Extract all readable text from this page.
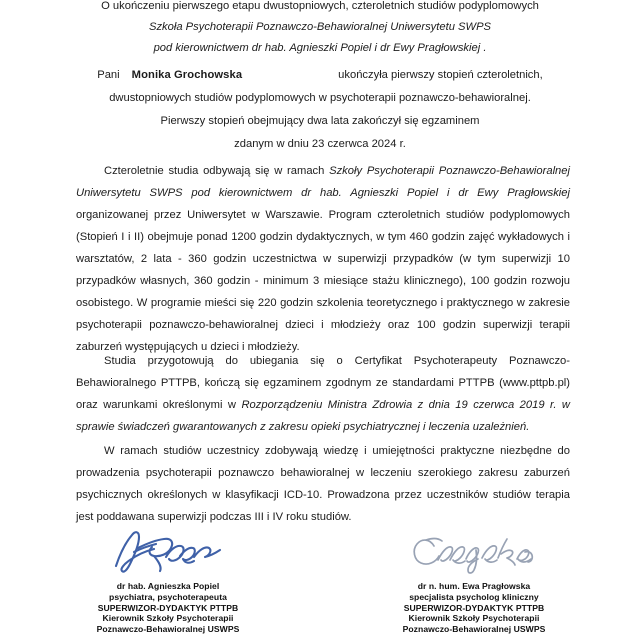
O ukończeniu pierwszego etapu dwustopniowych, czteroletnich studiów podyplomowych
Szkoła Psychoterapii Poznawczo-Behawioralnej Uniwersytetu SWPS
pod kierownictwem dr hab. Agnieszki Popiel i dr Ewy Pragłowskiej .
Pani Monika Grochowska	ukończyła pierwszy stopień czteroletnich,
dwustopniowych studiów podyplomowych w psychoterapii poznawczo-behawioralnej.
Pierwszy stopień obejmujący dwa lata zakończył się egzaminem
zdanym w dniu 23 czerwca 2024 r.

Czteroletnie studia odbywają się w ramach Szkoły Psychoterapii Poznawczo-Behawioralnej Uniwersytetu SWPS pod kierownictwem dr hab. Agnieszki Popiel i dr Ewy Pragłowskiej organizowanej przez Uniwersytet w Warszawie. Program czteroletnich studiów podyplomowych (Stopień I i II) obejmuje ponad 1200 godzin dydaktycznych, w tym 460 godzin zajęć wykładowych i warsztatów, 2 lata - 360 godzin uczestnictwa w superwizji przypadków (w tym superwizji 10 przypadków własnych, 360 godzin - minimum 3 miesiące stażu klinicznego), 100 godzin rozwoju osobistego. W programie mieści się 220 godzin szkolenia teoretycznego i praktycznego w zakresie psychoterapii poznawczo-behawioralnej dzieci i młodzieży oraz 100 godzin superwizji terapii zaburzeń występujących u dzieci i młodzieży.

Studia przygotowują do ubiegania się o Certyfikat Psychoterapeuty Poznawczo-Behawioralnego PTTPB, kończą się egzaminem zgodnym ze standardami PTTPB (www.pttpb.pl) oraz warunkami określonymi w Rozporządzeniu Ministra Zdrowia z dnia 19 czerwca 2019 r. w sprawie świadczeń gwarantowanych z zakresu opieki psychiatrycznej i leczenia uzależnień.

W ramach studiów uczestnicy zdobywają wiedzę i umiejętności praktyczne niezbędne do prowadzenia psychoterapii poznawczo behawioralnej w leczeniu szerokiego zakresu zaburzeń psychicznych określonych w klasyfikacji ICD-10. Prowadzona przez uczestników studiów terapia jest poddawana superwizji podczas III i IV roku studiów.

dr hab. Agnieszka Popiel
psychiatra, psychoterapeuta
SUPERWIZOR-DYDAKTYK PTTPB
Kierownik Szkoły Psychoterapii
Poznawczo-Behawioralnej USWPS
dr n. hum. Ewa Pragłowska
specjalista psycholog kliniczny
SUPERWIZOR-DYDAKTYK PTTPB
Kierownik Szkoły Psychoterapii
Poznawczo-Behawioralnej USWPS
